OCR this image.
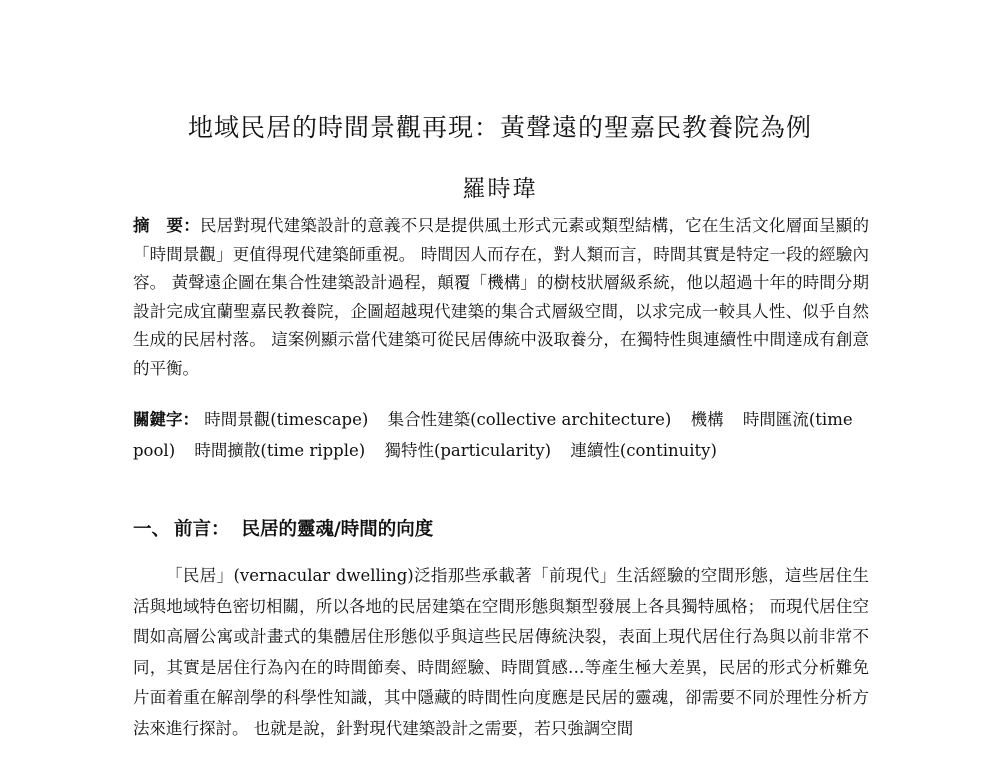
地域民居的時間景觀再現：黃聲遠的聖嘉民教養院為例
羅時瑋
摘　要：民居對現代建築設計的意義不只是提供風土形式元素或類型結構，它在生活文化層面呈顯的「時間景觀」更值得現代建築師重視。 時間因人而存在，對人類而言，時間其實是特定一段的經驗內容。 黃聲遠企圖在集合性建築設計過程，顛覆「機構」的樹枝狀層級系統，他以超過十年的時間分期設計完成宜蘭聖嘉民教養院，企圖超越現代建築的集合式層級空間，以求完成一較具人性、似乎自然生成的民居村落。 這案例顯示當代建築可從民居傳統中汲取養分，在獨特性與連續性中間達成有創意的平衡。
關鍵字： 時間景觀(timescape) 集合性建築(collective architecture) 機構 時間匯流(time pool) 時間擴散(time ripple) 獨特性(particularity) 連續性(continuity)
一、 前言： 民居的靈魂/時間的向度
「民居」(vernacular dwelling)泛指那些承載著「前現代」生活經驗的空間形態，這些居住生活與地域特色密切相關，所以各地的民居建築在空間形態與類型發展上各具獨特風格； 而現代居住空間如高層公寓或計畫式的集體居住形態似乎與這些民居傳統決裂，表面上現代居住行為與以前非常不同，其實是居住行為內在的時間節奏、時間經驗、時間質感…等產生極大差異，民居的形式分析難免片面着重在解剖學的科學性知識，其中隱藏的時間性向度應是民居的靈魂，卻需要不同於理性分析方法來進行探討。 也就是說，針對現代建築設計之需要，若只強調空間
